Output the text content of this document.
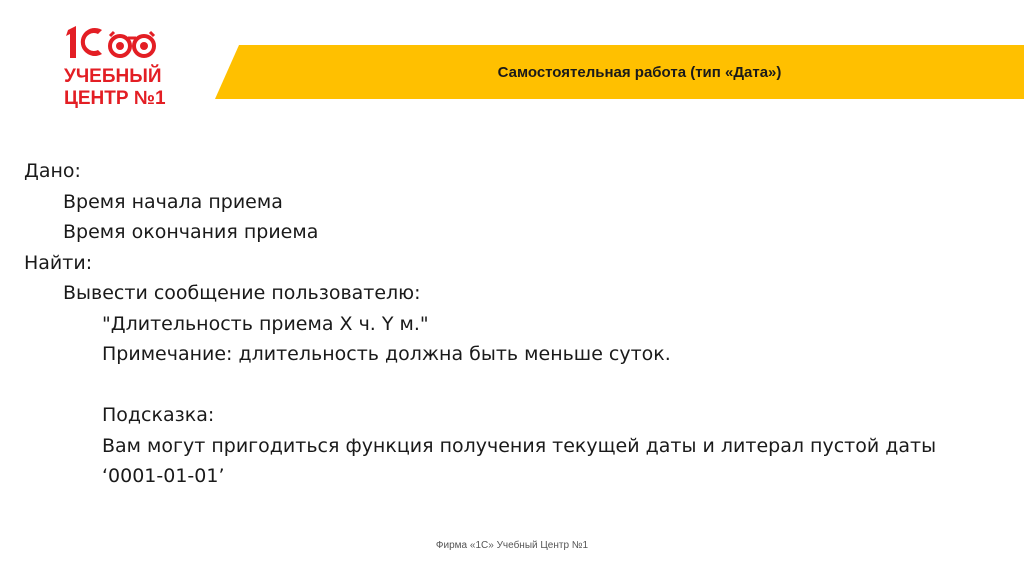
УЧЕБНЫЙ
ЦЕНТР №1
Самостоятельная работа (тип «Дата»)
Дано:
Время начала приема
Время окончания приема
Найти:
Вывести сообщение пользователю:
"Длительность приема X ч. Y м."
Примечание: длительность должна быть меньше суток.
Подсказка:
Вам могут пригодиться функция получения текущей даты и литерал пустой даты
‘0001-01-01’
Фирма «1С» Учебный Центр №1
